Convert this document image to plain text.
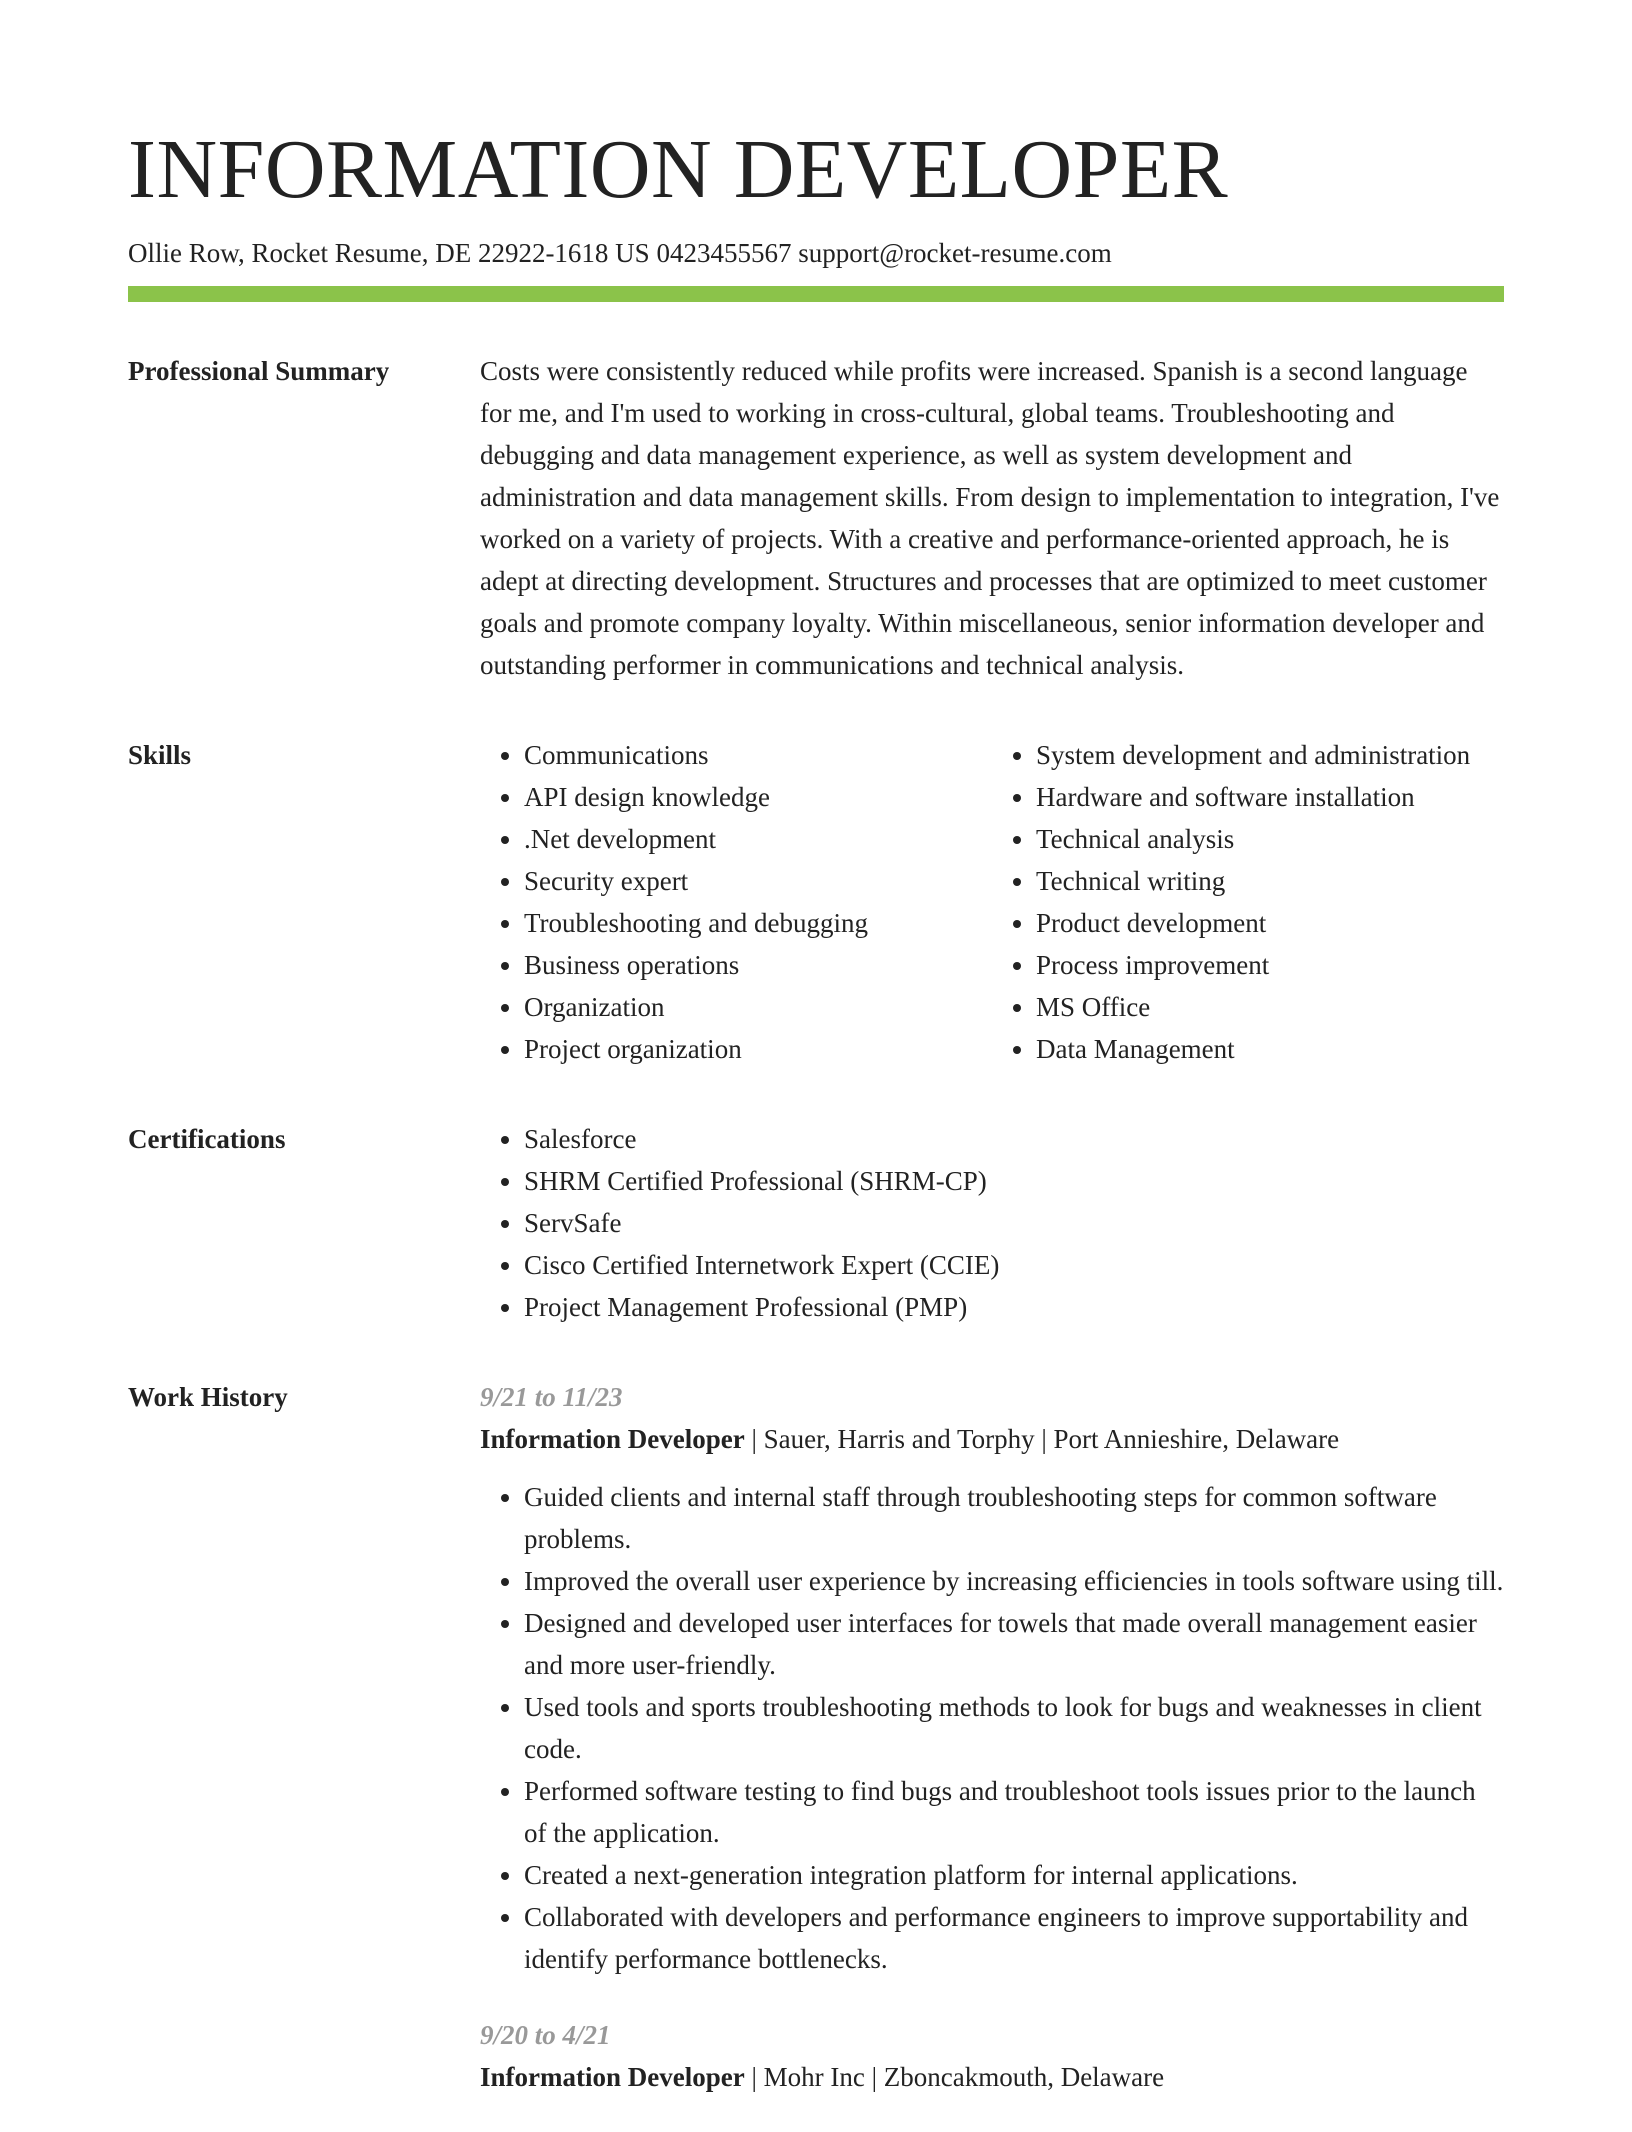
INFORMATION DEVELOPER
Ollie Row, Rocket Resume, DE 22922-1618 US 0423455567 support@rocket-resume.com
Professional Summary	Costs were consistently reduced while profits were increased. Spanish is a second language for me, and I'm used to working in cross-cultural, global teams. Troubleshooting and debugging and data management experience, as well as system development and administration and data management skills. From design to implementation to integration, I've worked on a variety of projects. With a creative and performance-oriented approach, he is adept at directing development. Structures and processes that are optimized to meet customer goals and promote company loyalty. Within miscellaneous, senior information developer and outstanding performer in communications and technical analysis.

Skills	• Communications
• API design knowledge
• .Net development
• Security expert
• Troubleshooting and debugging
• Business operations
• Organization
• Project organization
• System development and administration
• Hardware and software installation
• Technical analysis
• Technical writing
• Product development
• Process improvement
• MS Office
• Data Management
Certifications	• Salesforce
• SHRM Certified Professional (SHRM-CP)
• ServSafe
• Cisco Certified Internetwork Expert (CCIE)
• Project Management Professional (PMP)
Work History	9/21 to 11/23
Information Developer | Sauer, Harris and Torphy | Port Annieshire, Delaware
• Guided clients and internal staff through troubleshooting steps for common software problems.
• Improved the overall user experience by increasing efficiencies in tools software using till.
• Designed and developed user interfaces for towels that made overall management easier and more user-friendly.
• Used tools and sports troubleshooting methods to look for bugs and weaknesses in client code.
• Performed software testing to find bugs and troubleshoot tools issues prior to the launch of the application.
• Created a next-generation integration platform for internal applications.
• Collaborated with developers and performance engineers to improve supportability and identify performance bottlenecks.
9/20 to 4/21
Information Developer | Mohr Inc | Zboncakmouth, Delaware
